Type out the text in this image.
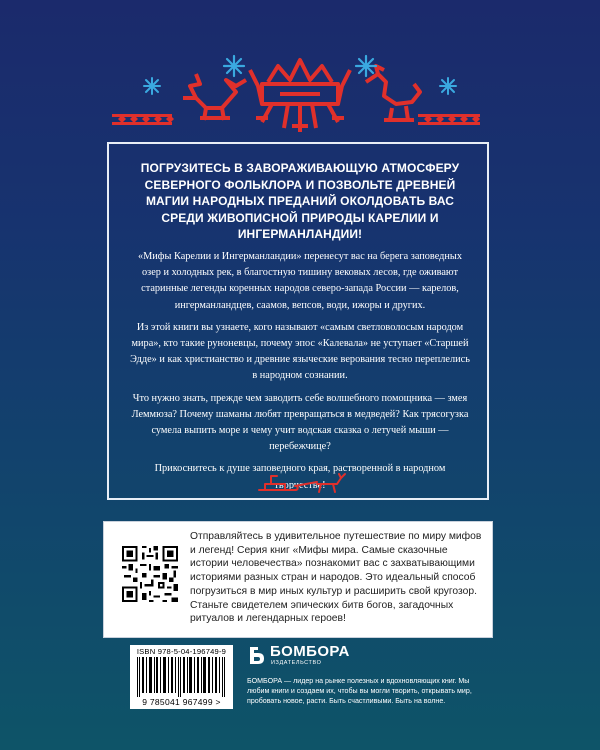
ПОГРУЗИТЕСЬ В ЗАВОРАЖИВАЮЩУЮ АТМОСФЕРУ СЕВЕРНОГО ФОЛЬКЛОРА И ПОЗВОЛЬТЕ ДРЕВНЕЙ МАГИИ НАРОДНЫХ ПРЕДАНИЙ ОКОЛДОВАТЬ ВАС СРЕДИ ЖИВОПИСНОЙ ПРИРОДЫ КАРЕЛИИ И ИНГЕРМАНЛАНДИИ!

«Мифы Карелии и Ингерманландии» перенесут вас на берега заповедных озер и холодных рек, в благостную тишину вековых лесов, где оживают старинные легенды коренных народов северо-запада России — карелов, ингерманландцев, саамов, вепсов, води, ижоры и других.

Из этой книги вы узнаете, кого называют «самым светловолосым народом мира», кто такие руноневцы, почему эпос «Калевала» не уступает «Старшей Эдде» и как христианство и древние языческие верования тесно переплелись в народном сознании.

Что нужно знать, прежде чем заводить себе волшебного помощника — змея Леммюза? Почему шаманы любят превращаться в медведей? Как трясогузка сумела выпить море и чему учит водская сказка о летучей мыши — перебежчице?

Прикоснитесь к душе заповедного края, растворенной в народном творчестве!

Отправляйтесь в удивительное путешествие по миру мифов и легенд! Серия книг «Мифы мира. Самые сказочные истории человечества» познакомит вас с захватывающими историями разных стран и народов. Это идеальный способ погрузиться в мир иных культур и расширить свой кругозор. Станьте свидетелем эпических битв богов, загадочных ритуалов и легендарных героев!
ISBN 978-5-04-196749-9
9 785041 967499 >
БОМБОРА
ИЗДАТЕЛЬСТВО
БОМБОРА — лидер на рынке полезных и вдохновляющих книг. Мы любим книги и создаем их, чтобы вы могли творить, открывать мир, пробовать новое, расти. Быть счастливыми. Быть на волне.
